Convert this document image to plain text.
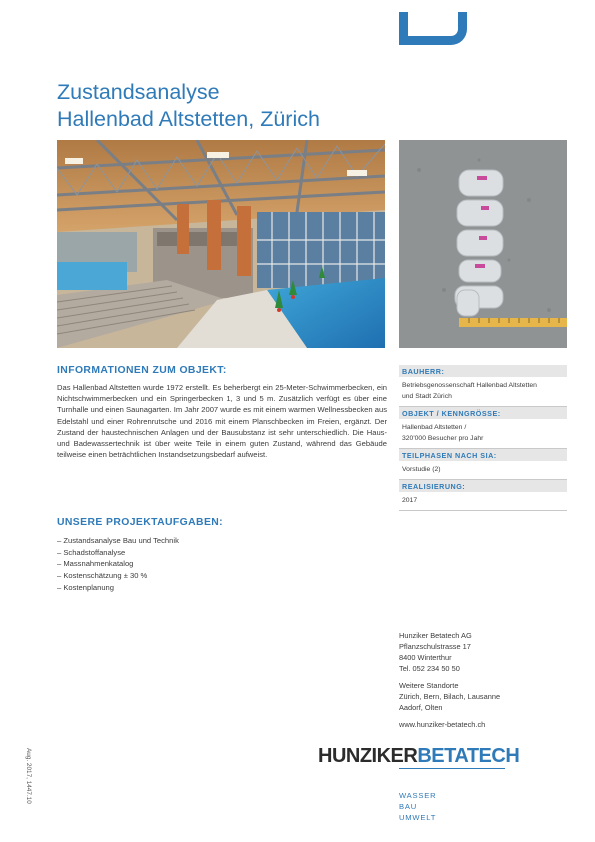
Zustandsanalyse
Hallenbad Altstetten, Zürich
INFORMATIONEN ZUM OBJEKT:

Das Hallenbad Altstetten wurde 1972 erstellt. Es beherbergt ein 25-Meter-Schwimmerbecken, ein Nichtschwimmerbecken und ein Springerbecken 1, 3 und 5 m. Zusätzlich verfügt es über eine Turnhalle und einen Saunagarten. Im Jahr 2007 wurde es mit einem warmen Wellnessbecken aus Edelstahl und einer Rohrenrutsche und 2016 mit einem Planschbecken im Freien, ergänzt. Der Zustand der haustechnischen Anlagen und der Bausubstanz ist sehr unterschiedlich. Die Haus- und Badewassertechnik ist über weite Teile in einem guten Zustand, während das Gebäude teilweise einen beträchtlichen Instandsetzungsbedarf aufweist.

UNSERE PROJEKTAUFGABEN:
– Zustandsanalyse Bau und Technik
– Schadstoffanalyse
– Massnahmenkatalog
– Kostenschätzung ± 30 %
– Kostenplanung
BAUHERR:
Betriebsgenossenschaft Hallenbad Altstetten
und Stadt Zürich
OBJEKT / KENNGRÖSSE:
Hallenbad Altstetten /
320'000 Besucher pro Jahr
TEILPHASEN NACH SIA:
Vorstudie (2)
REALISIERUNG:
2017
Hunziker Betatech AG
Pflanzschulstrasse 17
8400 Winterthur
Tel. 052 234 50 50
Weitere Standorte
Zürich, Bern, Bilach, Lausanne
Aadorf, Olten
www.hunziker-betatech.ch
HUNZIKERBETATECH
WASSER
BAU
UMWELT
Aug. 2017, 1447.10
